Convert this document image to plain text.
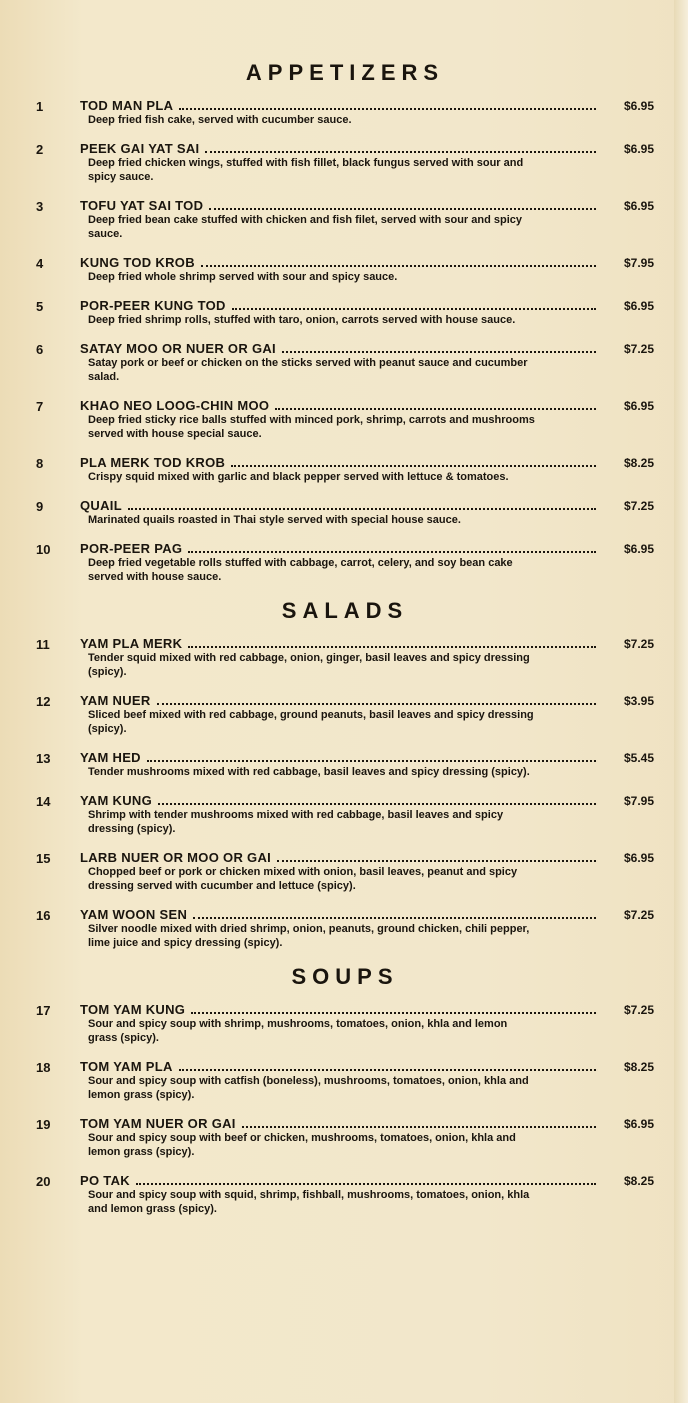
APPETIZERS
1	TOD MAN PLA	$6.95
Deep fried fish cake, served with cucumber sauce.
2	PEEK GAI YAT SAI	$6.95
Deep fried chicken wings, stuffed with fish fillet, black fungus served with sour and spicy sauce.
3	TOFU YAT SAI TOD	$6.95
Deep fried bean cake stuffed with chicken and fish filet, served with sour and spicy sauce.
4	KUNG TOD KROB	$7.95
Deep fried whole shrimp served with sour and spicy sauce.
5	POR-PEER KUNG TOD	$6.95
Deep fried shrimp rolls, stuffed with taro, onion, carrots served with house sauce.
6	SATAY MOO OR NUER OR GAI	$7.25
Satay pork or beef or chicken on the sticks served with peanut sauce and cucumber salad.
7	KHAO NEO LOOG-CHIN MOO	$6.95
Deep fried sticky rice balls stuffed with minced pork, shrimp, carrots and mushrooms served with house special sauce.
8	PLA MERK TOD KROB	$8.25
Crispy squid mixed with garlic and black pepper served with lettuce & tomatoes.
9	QUAIL	$7.25
Marinated quails roasted in Thai style served with special house sauce.
10	POR-PEER PAG	$6.95
Deep fried vegetable rolls stuffed with cabbage, carrot, celery, and soy bean cake served with house sauce.
SALADS
11	YAM PLA MERK	$7.25
Tender squid mixed with red cabbage, onion, ginger, basil leaves and spicy dressing (spicy).
12	YAM NUER	$3.95
Sliced beef mixed with red cabbage, ground peanuts, basil leaves and spicy dressing (spicy).
13	YAM HED	$5.45
Tender mushrooms mixed with red cabbage, basil leaves and spicy dressing (spicy).
14	YAM KUNG	$7.95
Shrimp with tender mushrooms mixed with red cabbage, basil leaves and spicy dressing (spicy).
15	LARB NUER OR MOO OR GAI	$6.95
Chopped beef or pork or chicken mixed with onion, basil leaves, peanut and spicy dressing served with cucumber and lettuce (spicy).
16	YAM WOON SEN	$7.25
Silver noodle mixed with dried shrimp, onion, peanuts, ground chicken, chili pepper, lime juice and spicy dressing (spicy).
SOUPS
17	TOM YAM KUNG	$7.25
Sour and spicy soup with shrimp, mushrooms, tomatoes, onion, khla and lemon grass (spicy).
18	TOM YAM PLA	$8.25
Sour and spicy soup with catfish (boneless), mushrooms, tomatoes, onion, khla and lemon grass (spicy).
19	TOM YAM NUER OR GAI	$6.95
Sour and spicy soup with beef or chicken, mushrooms, tomatoes, onion, khla and lemon grass (spicy).
20	PO TAK	$8.25
Sour and spicy soup with squid, shrimp, fishball, mushrooms, tomatoes, onion, khla and lemon grass (spicy).
